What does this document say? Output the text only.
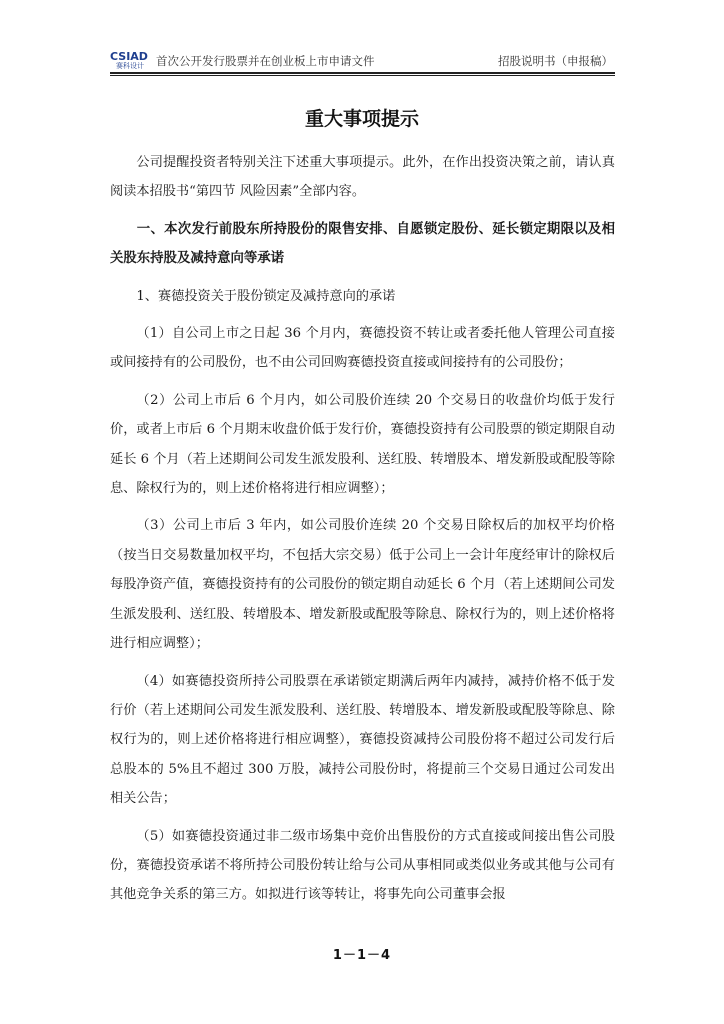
CSIAD
赛科设计	首次公开发行股票并在创业板上市申请文件	招股说明书（申报稿）
重大事项提示

公司提醒投资者特别关注下述重大事项提示。此外，在作出投资决策之前，请认真阅读本招股书“第四节 风险因素”全部内容。

一、本次发行前股东所持股份的限售安排、自愿锁定股份、延长锁定期限以及相关股东持股及减持意向等承诺

1、赛德投资关于股份锁定及减持意向的承诺

（1）自公司上市之日起 36 个月内，赛德投资不转让或者委托他人管理公司直接或间接持有的公司股份，也不由公司回购赛德投资直接或间接持有的公司股份；

（2）公司上市后 6 个月内，如公司股价连续 20 个交易日的收盘价均低于发行价，或者上市后 6 个月期末收盘价低于发行价，赛德投资持有公司股票的锁定期限自动延长 6 个月（若上述期间公司发生派发股利、送红股、转增股本、增发新股或配股等除息、除权行为的，则上述价格将进行相应调整）；

（3）公司上市后 3 年内，如公司股价连续 20 个交易日除权后的加权平均价格（按当日交易数量加权平均，不包括大宗交易）低于公司上一会计年度经审计的除权后每股净资产值，赛德投资持有的公司股份的锁定期自动延长 6 个月（若上述期间公司发生派发股利、送红股、转增股本、增发新股或配股等除息、除权行为的，则上述价格将进行相应调整）；

（4）如赛德投资所持公司股票在承诺锁定期满后两年内减持，减持价格不低于发行价（若上述期间公司发生派发股利、送红股、转增股本、增发新股或配股等除息、除权行为的，则上述价格将进行相应调整），赛德投资减持公司股份将不超过公司发行后总股本的 5%且不超过 300 万股，减持公司股份时，将提前三个交易日通过公司发出相关公告；

（5）如赛德投资通过非二级市场集中竞价出售股份的方式直接或间接出售公司股份，赛德投资承诺不将所持公司股份转让给与公司从事相同或类似业务或其他与公司有其他竞争关系的第三方。如拟进行该等转让，将事先向公司董事会报

1－1－4
